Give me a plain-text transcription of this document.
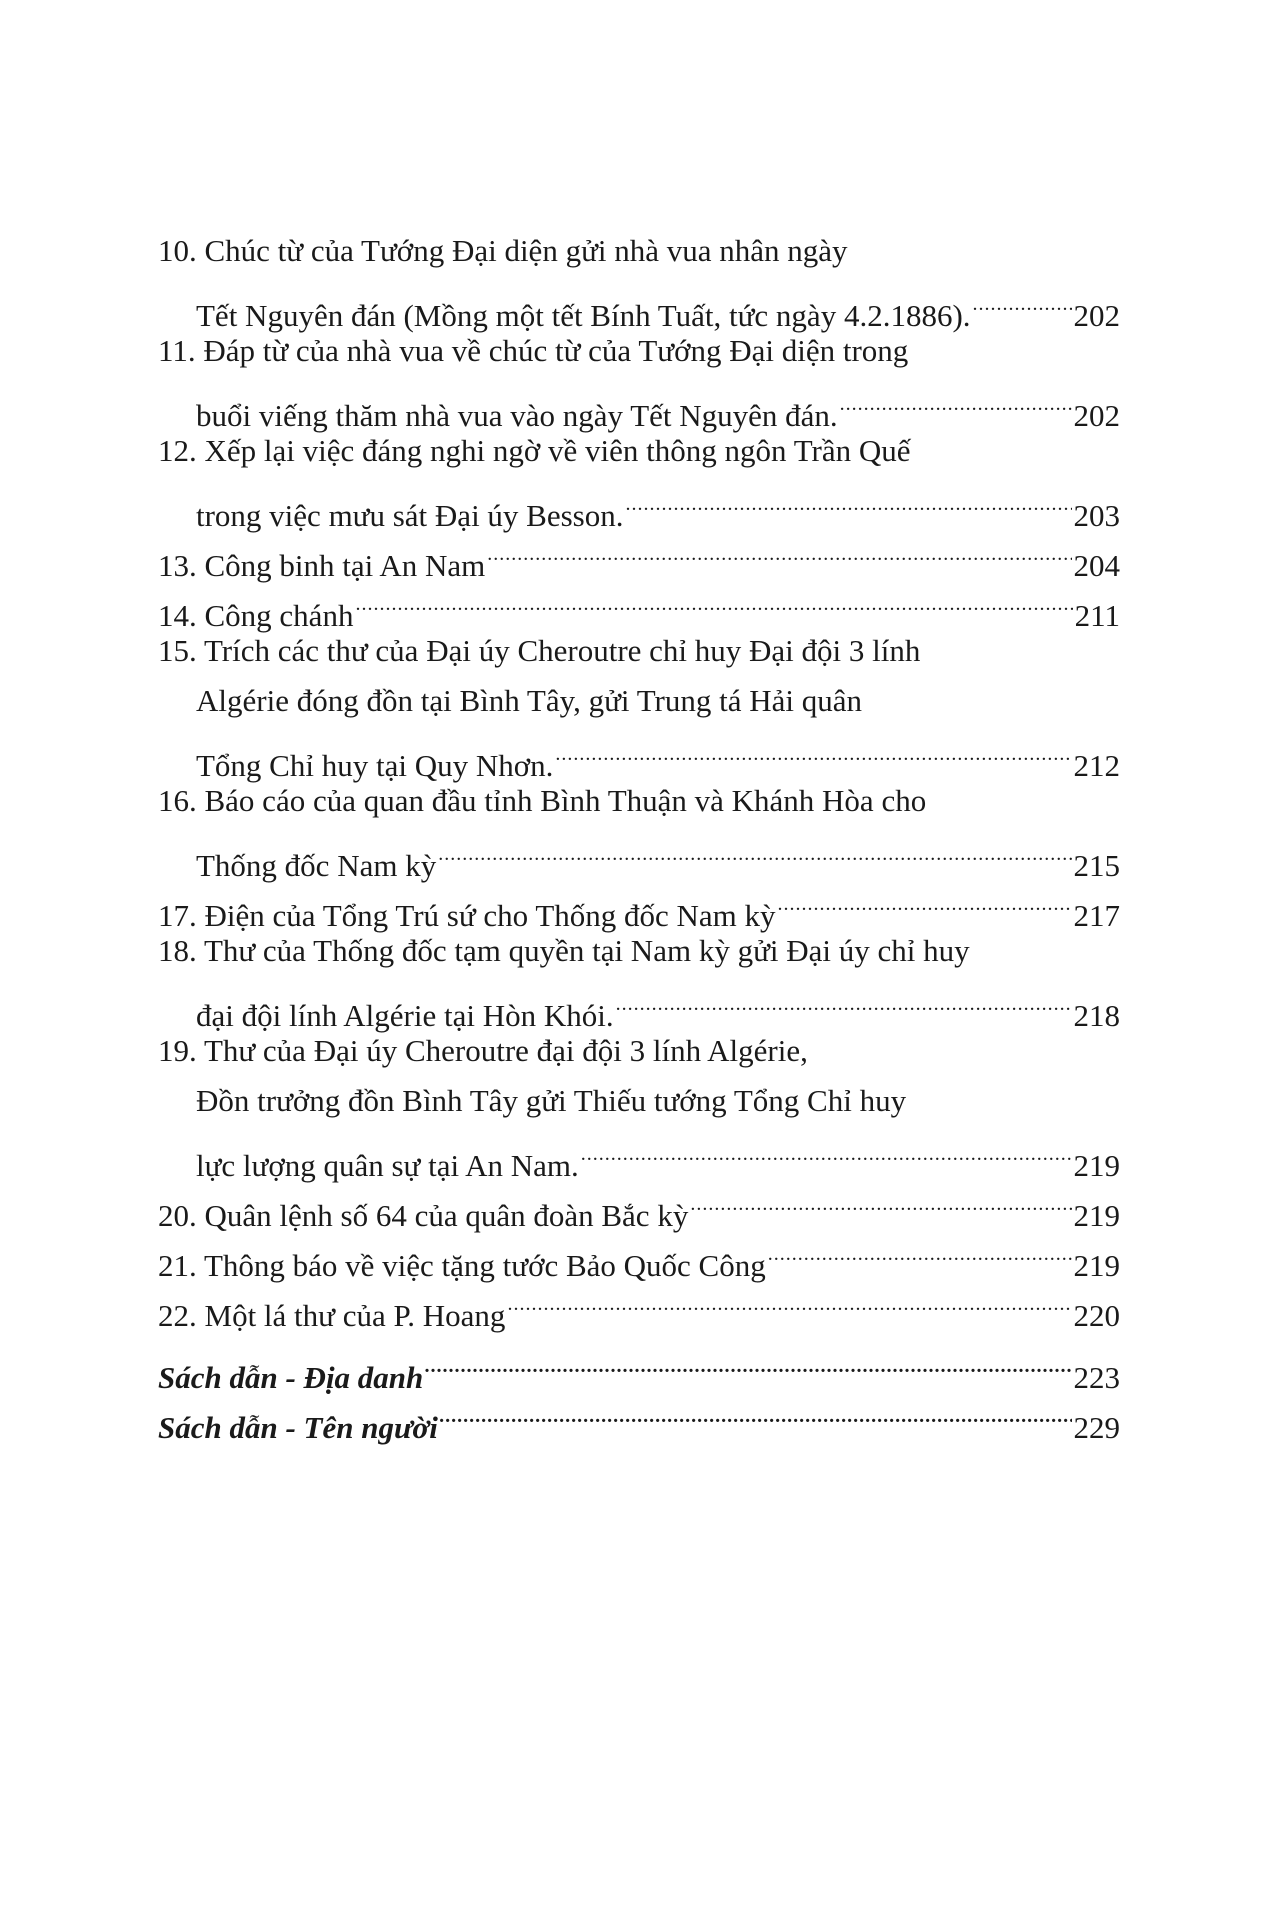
10. Chúc từ của Tướng Đại diện gửi nhà vua nhân ngày
Tết Nguyên đán (Mồng một tết Bính Tuất, tức ngày 4.2.1886). .....	202
11. Đáp từ của nhà vua về chúc từ của Tướng Đại diện trong
buổi viếng thăm nhà vua vào ngày Tết Nguyên đán. .....	202
12. Xếp lại việc đáng nghi ngờ về viên thông ngôn Trần Quế
trong việc mưu sát Đại úy Besson. .....	203
13. Công binh tại An Nam .....	204
14. Công chánh .....	211
15. Trích các thư của Đại úy Cheroutre chỉ huy Đại đội 3 lính
Algérie đóng đồn tại Bình Tây, gửi Trung tá Hải quân
Tổng Chỉ huy tại Quy Nhơn. .....	212
16. Báo cáo của quan đầu tỉnh Bình Thuận và Khánh Hòa cho
Thống đốc Nam kỳ .....	215
17. Điện của Tổng Trú sứ cho Thống đốc Nam kỳ .....	217
18. Thư của Thống đốc tạm quyền tại Nam kỳ gửi Đại úy chỉ huy
đại đội lính Algérie tại Hòn Khói. .....	218
19. Thư của Đại úy Cheroutre đại đội 3 lính Algérie,
Đồn trưởng đồn Bình Tây gửi Thiếu tướng Tổng Chỉ huy
lực lượng quân sự tại An Nam. .....	219
20. Quân lệnh số 64 của quân đoàn Bắc kỳ .....	219
21. Thông báo về việc tặng tước Bảo Quốc Công .....	219
22. Một lá thư của P. Hoang .....	220
Sách dẫn - Địa danh .....	223
Sách dẫn - Tên người .....	229
